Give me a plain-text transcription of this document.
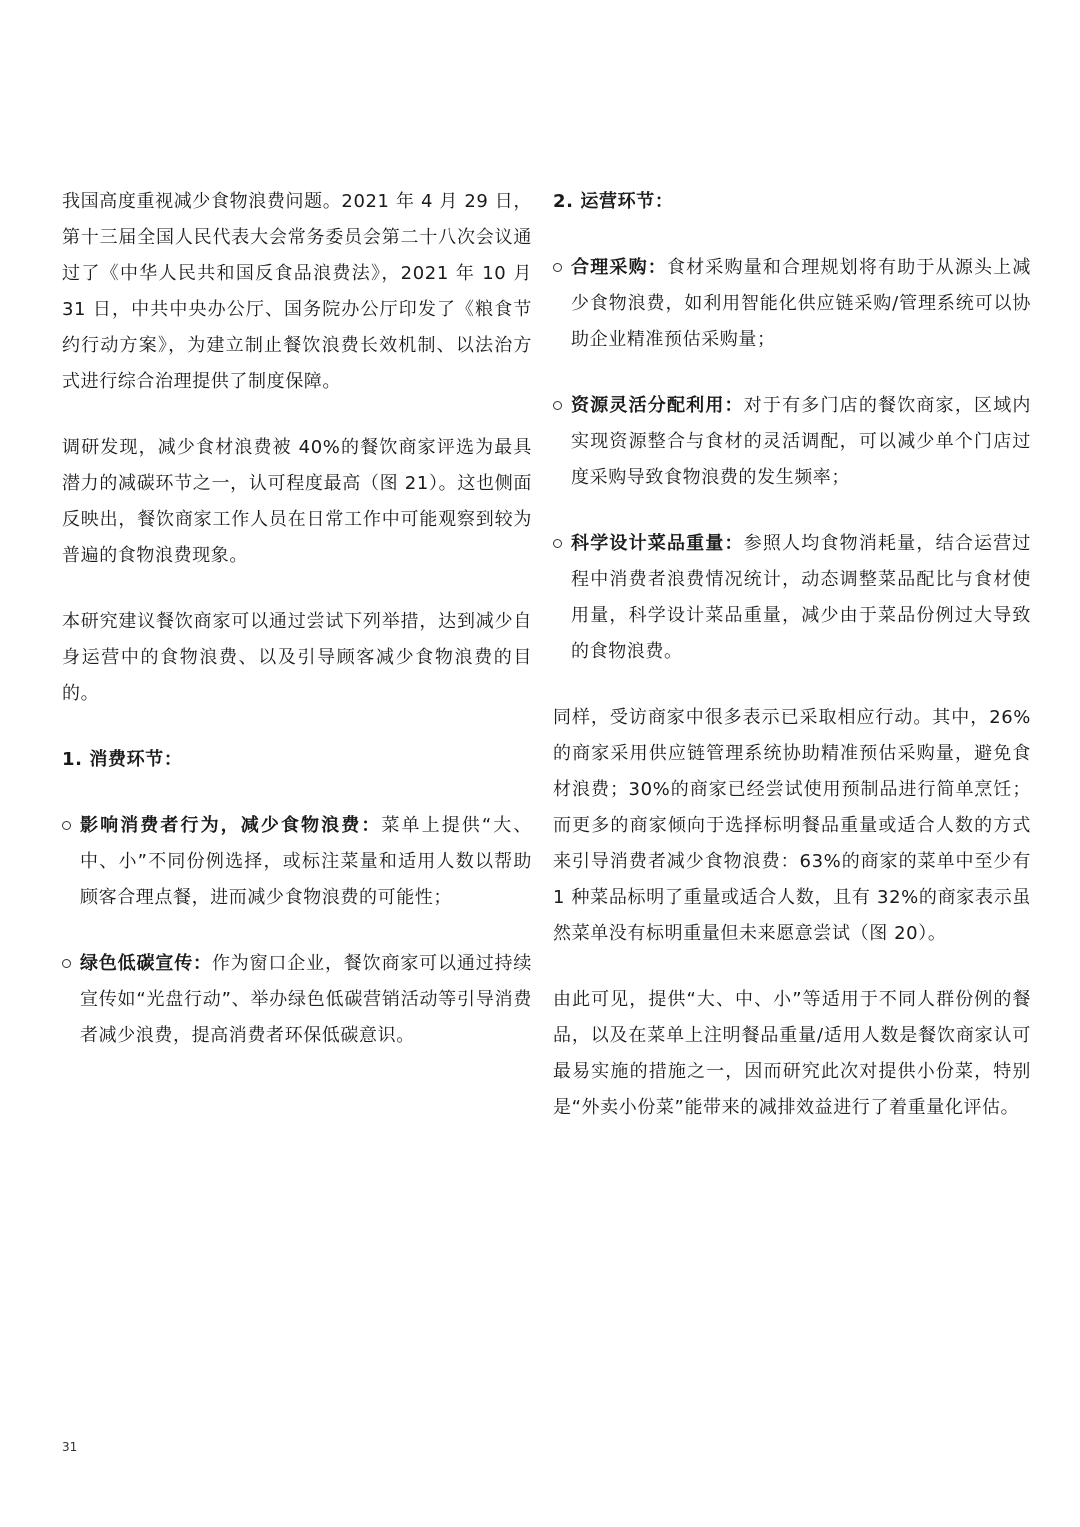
我国高度重视减少食物浪费问题。2021 年 4 月 29 日，第十三届全国人民代表大会常务委员会第二十八次会议通过了《中华人民共和国反食品浪费法》，2021 年 10 月 31 日，中共中央办公厅、国务院办公厅印发了《粮食节约行动方案》，为建立制止餐饮浪费长效机制、以法治方式进行综合治理提供了制度保障。

调研发现，减少食材浪费被 40%的餐饮商家评选为最具潜力的减碳环节之一，认可程度最高（图 21）。这也侧面反映出，餐饮商家工作人员在日常工作中可能观察到较为普遍的食物浪费现象。

本研究建议餐饮商家可以通过尝试下列举措，达到减少自身运营中的食物浪费、以及引导顾客减少食物浪费的目的。

1. 消费环节：

影响消费者行为，减少食物浪费：菜单上提供“大、中、小”不同份例选择，或标注菜量和适用人数以帮助顾客合理点餐，进而减少食物浪费的可能性；

绿色低碳宣传：作为窗口企业，餐饮商家可以通过持续宣传如“光盘行动”、举办绿色低碳营销活动等引导消费者减少浪费，提高消费者环保低碳意识。

2. 运营环节：

合理采购：食材采购量和合理规划将有助于从源头上减少食物浪费，如利用智能化供应链采购/管理系统可以协助企业精准预估采购量；

资源灵活分配利用：对于有多门店的餐饮商家，区域内实现资源整合与食材的灵活调配，可以减少单个门店过度采购导致食物浪费的发生频率；

科学设计菜品重量：参照人均食物消耗量，结合运营过程中消费者浪费情况统计，动态调整菜品配比与食材使用量，科学设计菜品重量，减少由于菜品份例过大导致的食物浪费。

同样，受访商家中很多表示已采取相应行动。其中，26%的商家采用供应链管理系统协助精准预估采购量，避免食材浪费；30%的商家已经尝试使用预制品进行简单烹饪；而更多的商家倾向于选择标明餐品重量或适合人数的方式来引导消费者减少食物浪费：63%的商家的菜单中至少有 1 种菜品标明了重量或适合人数，且有 32%的商家表示虽然菜单没有标明重量但未来愿意尝试（图 20）。

由此可见，提供“大、中、小”等适用于不同人群份例的餐品，以及在菜单上注明餐品重量/适用人数是餐饮商家认可最易实施的措施之一，因而研究此次对提供小份菜，特别是“外卖小份菜”能带来的减排效益进行了着重量化评估。

31
